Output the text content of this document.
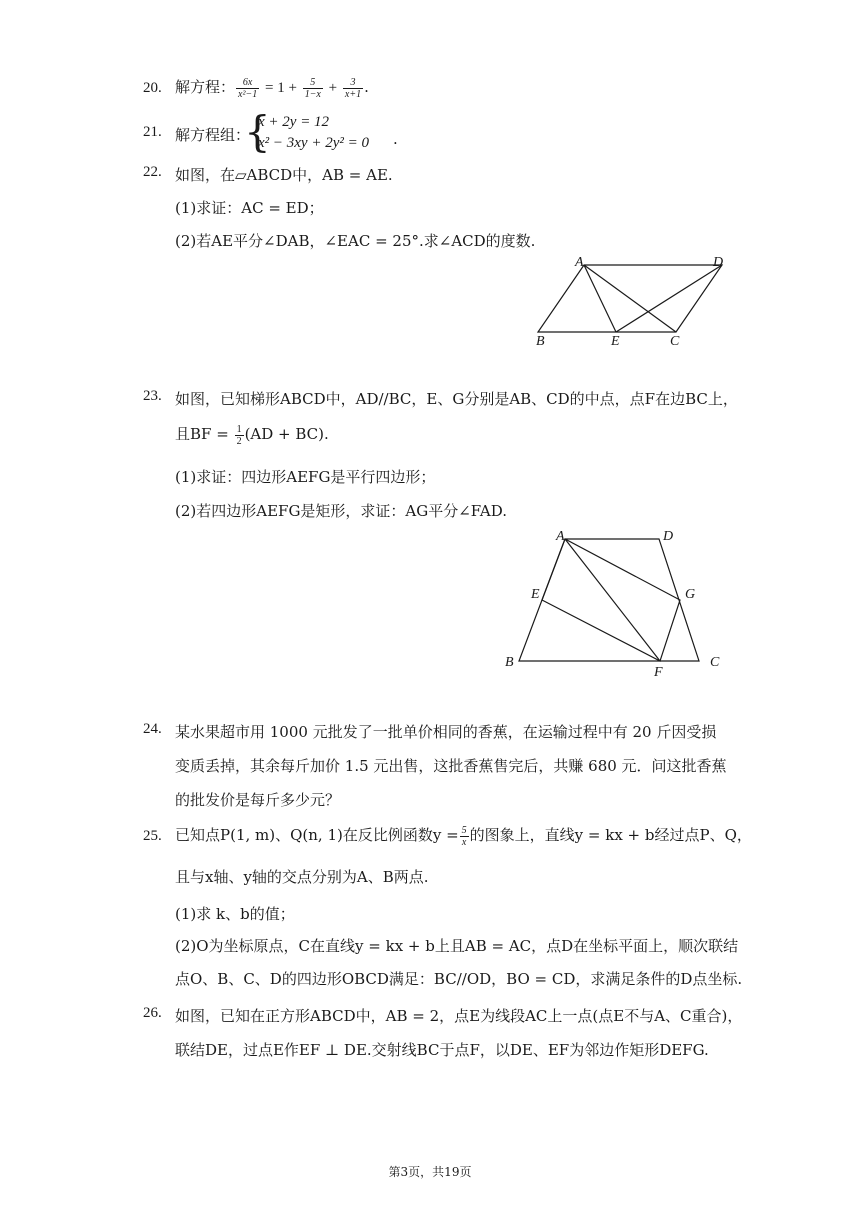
20. 解方程： $\frac{6x}{\text{x²−1}} = 1 + \frac{5}{1-x} + \frac{3}{x+1}$ .
21. 解方程组：
{
x + 2y = 12
x² − 3xy + 2y² = 0 .
22. 如图，在▱ABCD中，AB = AE.
(1)求证：AC = ED；
(2)若AE平分∠DAB，∠EAC = 25°.求∠ACD的度数.
A	D
B	E	C
23. 如图，已知梯形ABCD中，AD//BC，E、G分别是AB、CD的中点，点F在边BC上，
且BF = $\frac{1}{2} (AD + BC)$.
(1)求证：四边形AEFG是平行四边形；
(2)若四边形AEFG是矩形，求证：AG平分∠FAD.
A	D
E	G
B
F
C
24. 某水果超市用 1000 元批发了一批单价相同的香蕉，在运输过程中有 20 斤因受损
变质丢掉，其余每斤加价 1.5 元出售，这批香蕉售完后，共赚 680 元．问这批香蕉
的批发价是每斤多少元？
25. 已知点P(1, m)、Q(n, 1)在反比例函数$y = \frac{5}{x}$ 的图象上，直线y = kx + b经过点P、Q，
且与x轴、y轴的交点分别为A、B两点.
(1)求 k、b的值；
(2)O为坐标原点，C在直线y = kx + b上且AB = AC，点D在坐标平面上，顺次联结
点O、B、C、D的四边形OBCD满足：BC//OD，BO = CD，求满足条件的D点坐标.
26. 如图，已知在正方形ABCD中，AB = 2，点E为线段AC上一点(点E不与A、C重合)，
联结DE，过点E作EF ⊥ DE.交射线BC于点F，以DE、EF为邻边作矩形DEFG.
第3页，共19页
